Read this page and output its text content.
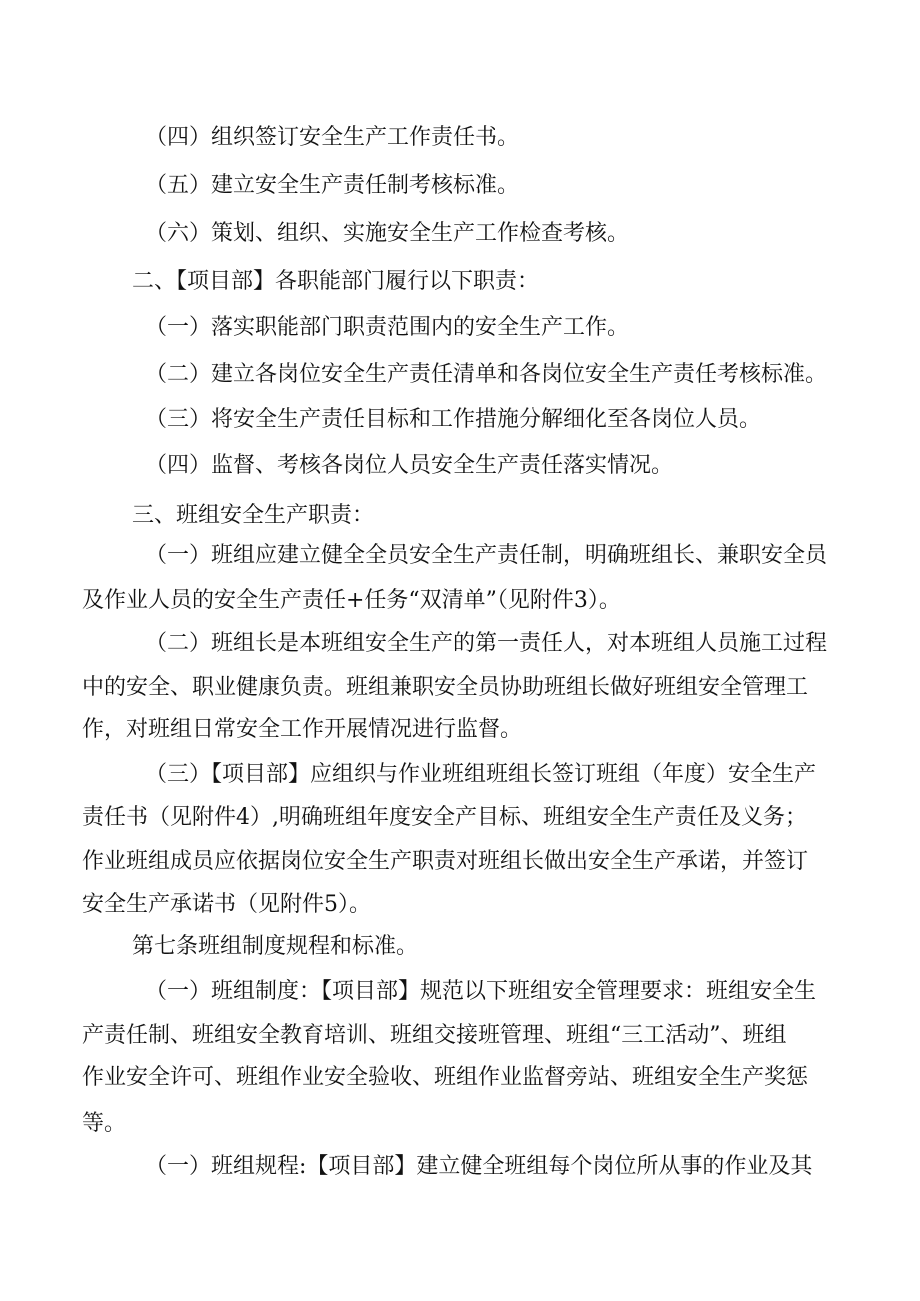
（四）组织签订安全生产工作责任书。
（五）建立安全生产责任制考核标准。
（六）策划、组织、实施安全生产工作检查考核。
二、【项目部】各职能部门履行以下职责：
（一）落实职能部门职责范围内的安全生产工作。
（二）建立各岗位安全生产责任清单和各岗位安全生产责任考核标准。
（三）将安全生产责任目标和工作措施分解细化至各岗位人员。
（四）监督、考核各岗位人员安全生产责任落实情况。
三、班组安全生产职责：
（一）班组应建立健全全员安全生产责任制，明确班组长、兼职安全员
及作业人员的安全生产责任+任务“双清单”（见附件3）。
（二）班组长是本班组安全生产的第一责任人，对本班组人员施工过程
中的安全、职业健康负责。班组兼职安全员协助班组长做好班组安全管理工
作，对班组日常安全工作开展情况进行监督。
（三）【项目部】应组织与作业班组班组长签订班组（年度）安全生产
责任书（见附件4）,明确班组年度安全产目标、班组安全生产责任及义务；
作业班组成员应依据岗位安全生产职责对班组长做出安全生产承诺，并签订
安全生产承诺书（见附件5）。
第七条班组制度规程和标准。
（一）班组制度：【项目部】规范以下班组安全管理要求：班组安全生
产责任制、班组安全教育培训、班组交接班管理、班组“三工活动”、班组
作业安全许可、班组作业安全验收、班组作业监督旁站、班组安全生产奖惩
等。
（一）班组规程:【项目部】建立健全班组每个岗位所从事的作业及其
